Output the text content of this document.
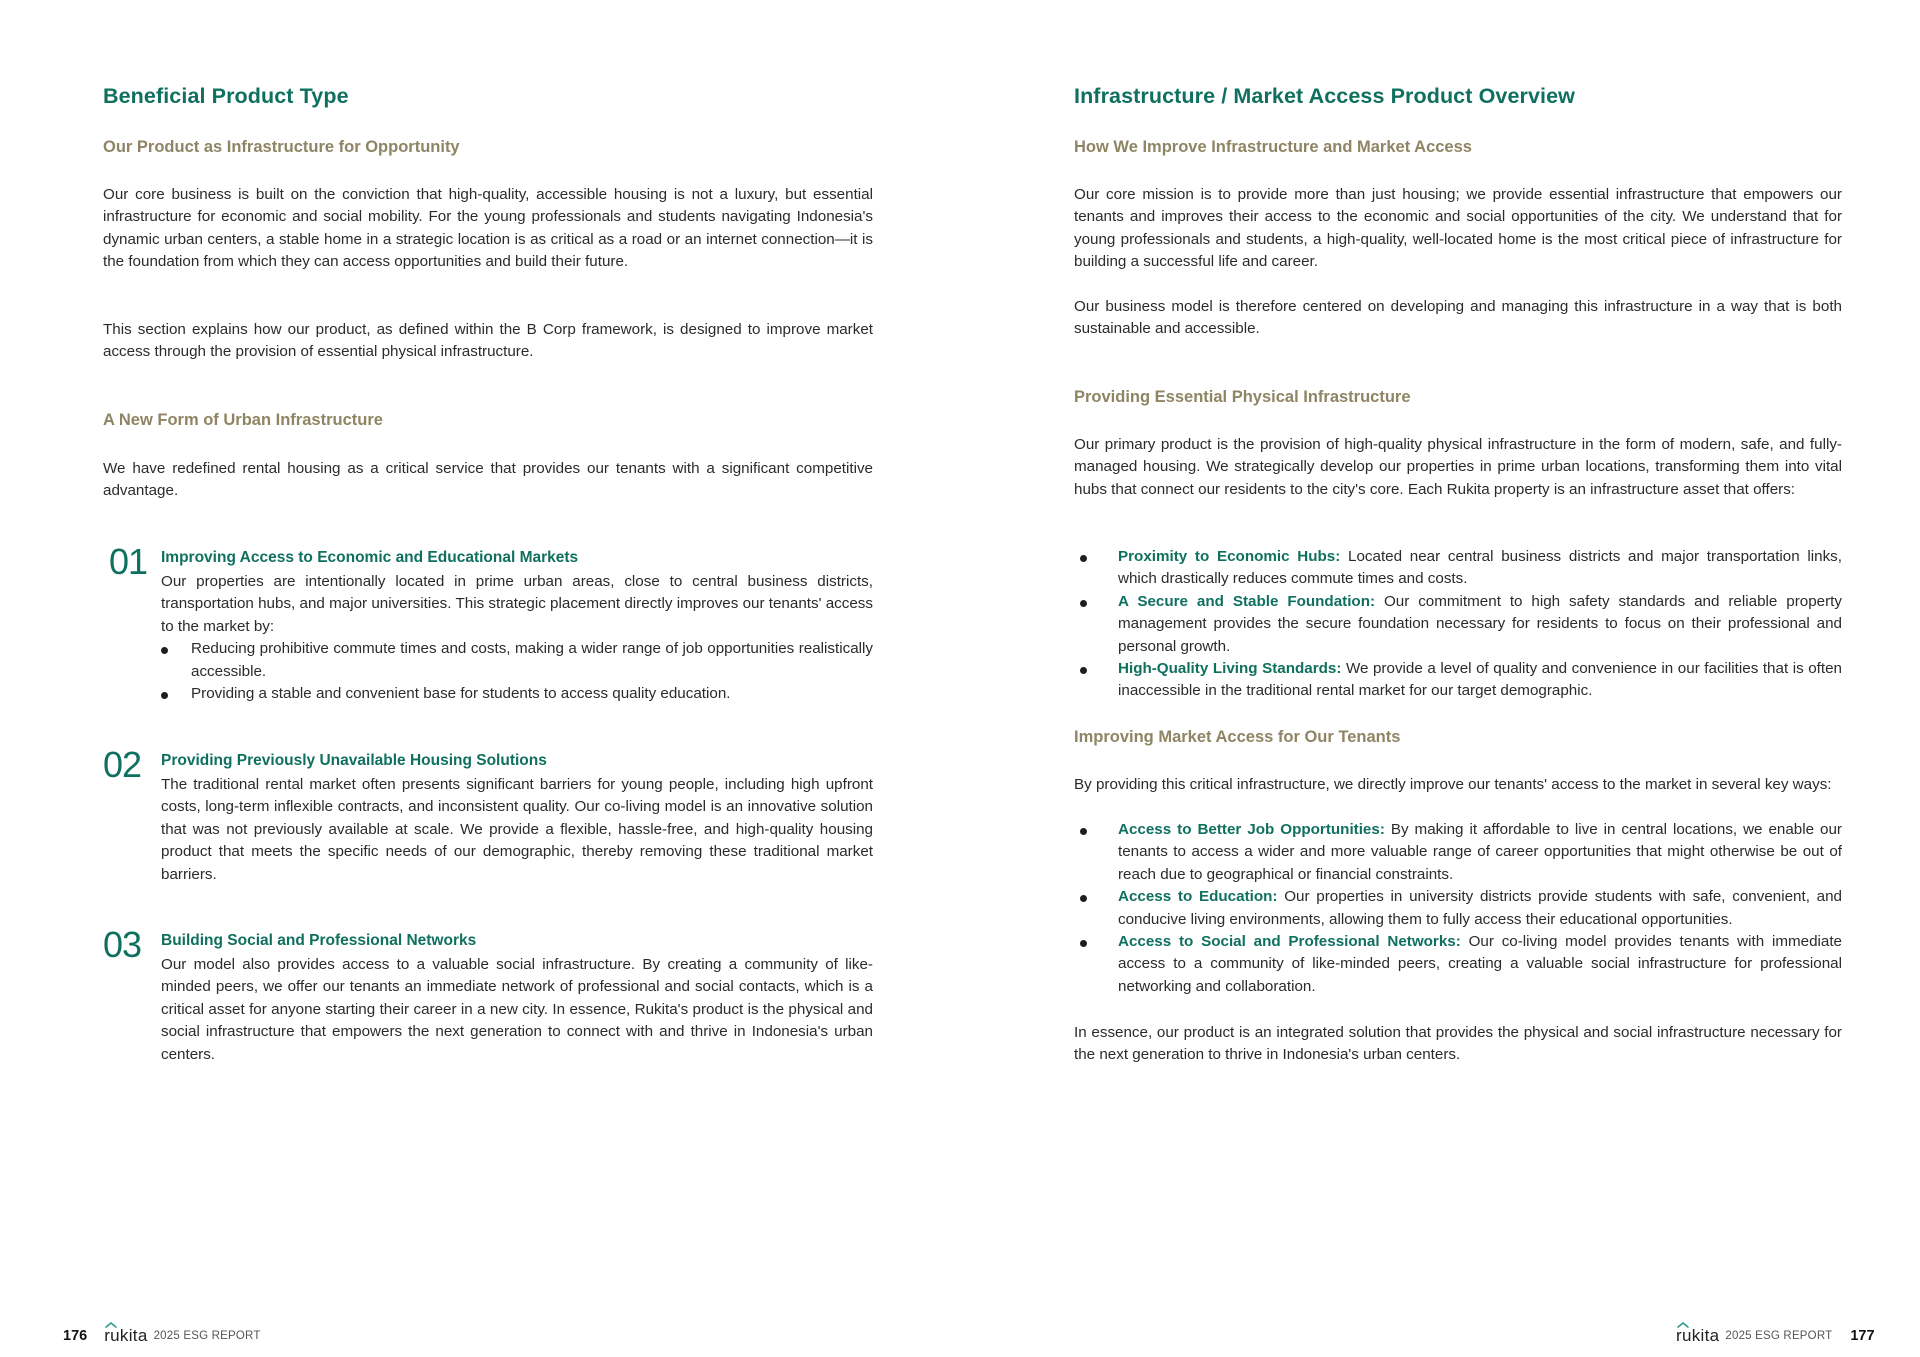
Beneficial Product Type
Our Product as Infrastructure for Opportunity

Our core business is built on the conviction that high-quality, accessible housing is not a luxury, but essential infrastructure for economic and social mobility. For the young professionals and students navigating Indonesia's dynamic urban centers, a stable home in a strategic location is as critical as a road or an internet connection—it is the foundation from which they can access opportunities and build their future.

This section explains how our product, as defined within the B Corp framework, is designed to improve market access through the provision of essential physical infrastructure.

A New Form of Urban Infrastructure

We have redefined rental housing as a critical service that provides our tenants with a significant competitive advantage.

01 Improving Access to Economic and Educational Markets

Our properties are intentionally located in prime urban areas, close to central business districts, transportation hubs, and major universities. This strategic placement directly improves our tenants' access to the market by:

Reducing prohibitive commute times and costs, making a wider range of job opportunities realistically accessible.
Providing a stable and convenient base for students to access quality education.
02 Providing Previously Unavailable Housing Solutions

The traditional rental market often presents significant barriers for young people, including high upfront costs, long-term inflexible contracts, and inconsistent quality. Our co-living model is an innovative solution that was not previously available at scale. We provide a flexible, hassle-free, and high-quality housing product that meets the specific needs of our demographic, thereby removing these traditional market barriers.

03 Building Social and Professional Networks

Our model also provides access to a valuable social infrastructure. By creating a community of like-minded peers, we offer our tenants an immediate network of professional and social contacts, which is a critical asset for anyone starting their career in a new city. In essence, Rukita's product is the physical and social infrastructure that empowers the next generation to connect with and thrive in Indonesia's urban centers.

176 rukita 2025 ESG REPORT
Infrastructure / Market Access Product Overview
How We Improve Infrastructure and Market Access

Our core mission is to provide more than just housing; we provide essential infrastructure that empowers our tenants and improves their access to the economic and social opportunities of the city. We understand that for young professionals and students, a high-quality, well-located home is the most critical piece of infrastructure for building a successful life and career.

Our business model is therefore centered on developing and managing this infrastructure in a way that is both sustainable and accessible.

Providing Essential Physical Infrastructure

Our primary product is the provision of high-quality physical infrastructure in the form of modern, safe, and fully-managed housing. We strategically develop our properties in prime urban locations, transforming them into vital hubs that connect our residents to the city's core. Each Rukita property is an infrastructure asset that offers:

Proximity to Economic Hubs: Located near central business districts and major transportation links, which drastically reduces commute times and costs.
A Secure and Stable Foundation: Our commitment to high safety standards and reliable property management provides the secure foundation necessary for residents to focus on their professional and personal growth.
High-Quality Living Standards: We provide a level of quality and convenience in our facilities that is often inaccessible in the traditional rental market for our target demographic.
Improving Market Access for Our Tenants

By providing this critical infrastructure, we directly improve our tenants' access to the market in several key ways:

Access to Better Job Opportunities: By making it affordable to live in central locations, we enable our tenants to access a wider and more valuable range of career opportunities that might otherwise be out of reach due to geographical or financial constraints.
Access to Education: Our properties in university districts provide students with safe, convenient, and conducive living environments, allowing them to fully access their educational opportunities.
Access to Social and Professional Networks: Our co-living model provides tenants with immediate access to a community of like-minded peers, creating a valuable social infrastructure for professional networking and collaboration.

In essence, our product is an integrated solution that provides the physical and social infrastructure necessary for the next generation to thrive in Indonesia's urban centers.

rukita 2025 ESG REPORT 177
